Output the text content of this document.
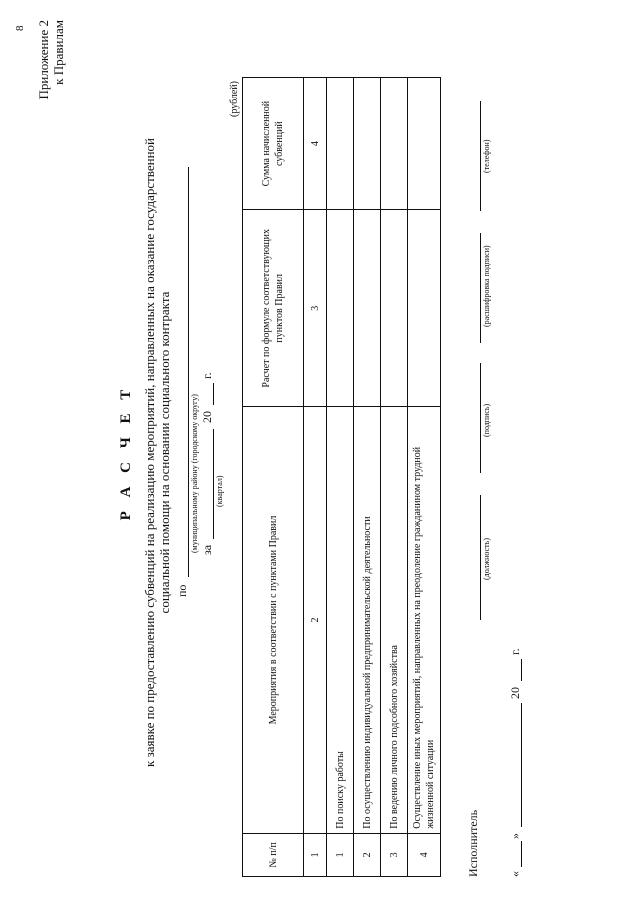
8 Приложение 2 к Правилам
Р А С Ч Е Т к заявке по предоставлению субвенций на реализацию мероприятий, направленных на оказание государственной социальной помощи на основании социального контракта по
(муниципальному району (городскому округу) за
20
г.
(квартал)
(рублей)
№ п/п	Мероприятия в соответствии с пунктами Правил	Расчет по формуле соответствующих пунктов Правил	Сумма начисленной субвенций
1	2	3	4
1	По поиску работы		
2	По осуществлению индивидуальной предпринимательской деятельности		
3	По ведению личного подсобного хозяйства		
4	Осуществление иных мероприятий, направленных на преодоление гражданином трудной жизненной ситуации		
Исполнитель
(должность)
(подпись)
(расшифровка подписи)
(телефон)
«
»
20
г.
